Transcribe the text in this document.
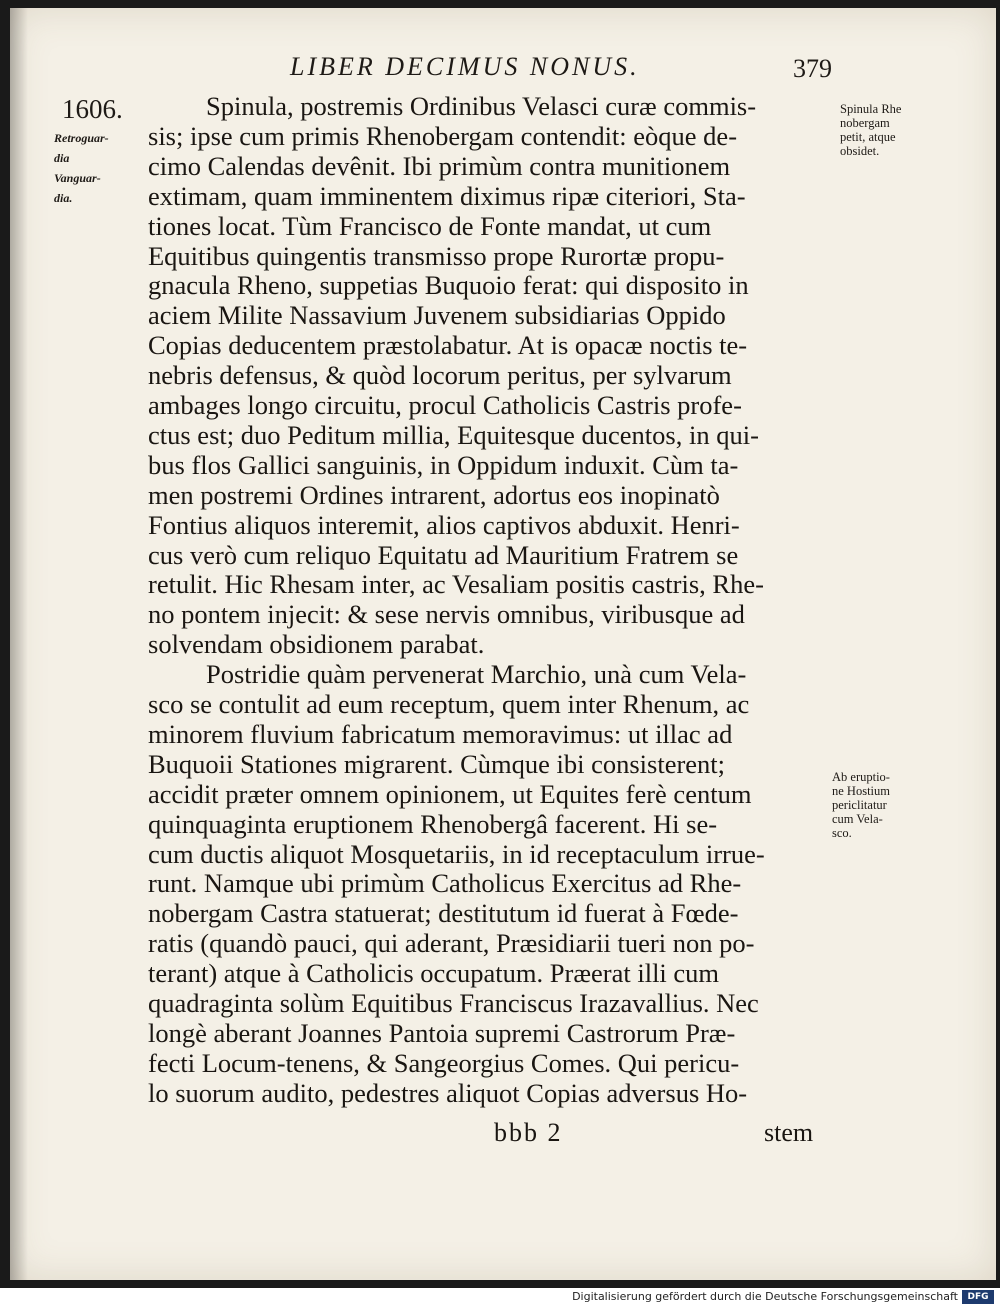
LIBER DECIMUS NONUS.	379
1606.
Retroguar-
dia
Vanguar-
dia.
Spinula Rhe
nobergam
petit, atque
obsidet.
Ab eruptio-
ne Hostium
periclitatur
cum Vela-
sco.
Spinula, postremis Ordinibus Velasci curæ commis-
sis; ipse cum primis Rhenobergam contendit: eòque de-
cimo Calendas devênit. Ibi primùm contra munitionem
extimam, quam imminentem diximus ripæ citeriori, Sta-
tiones locat. Tùm Francisco de Fonte mandat, ut cum
Equitibus quingentis transmisso prope Rurortæ propu-
gnacula Rheno, suppetias Buquoio ferat: qui disposito in
aciem Milite Nassavium Juvenem subsidiarias Oppido
Copias deducentem præstolabatur. At is opacæ noctis te-
nebris defensus, & quòd locorum peritus, per sylvarum
ambages longo circuitu, procul Catholicis Castris profe-
ctus est; duo Peditum millia, Equitesque ducentos, in qui-
bus flos Gallici sanguinis, in Oppidum induxit. Cùm ta-
men postremi Ordines intrarent, adortus eos inopinatò
Fontius aliquos interemit, alios captivos abduxit. Henri-
cus verò cum reliquo Equitatu ad Mauritium Fratrem se
retulit. Hic Rhesam inter, ac Vesaliam positis castris, Rhe-
no pontem injecit: & sese nervis omnibus, viribusque ad
solvendam obsidionem parabat.
Postridie quàm pervenerat Marchio, unà cum Vela-
sco se contulit ad eum receptum, quem inter Rhenum, ac
minorem fluvium fabricatum memoravimus: ut illac ad
Buquoii Stationes migrarent. Cùmque ibi consisterent;
accidit præter omnem opinionem, ut Equites ferè centum
quinquaginta eruptionem Rhenobergâ facerent. Hi se-
cum ductis aliquot Mosquetariis, in id receptaculum irrue-
runt. Namque ubi primùm Catholicus Exercitus ad Rhe-
nobergam Castra statuerat; destitutum id fuerat à Fœde-
ratis (quandò pauci, qui aderant, Præsidiarii tueri non po-
terant) atque à Catholicis occupatum. Præerat illi cum
quadraginta solùm Equitibus Franciscus Irazavallius. Nec
longè aberant Joannes Pantoia supremi Castrorum Præ-
fecti Locum-tenens, & Sangeorgius Comes. Qui pericu-
lo suorum audito, pedestres aliquot Copias adversus Ho-
bbb 2	stem
Digitalisierung gefördert durch die Deutsche Forschungsgemeinschaft	DFG
